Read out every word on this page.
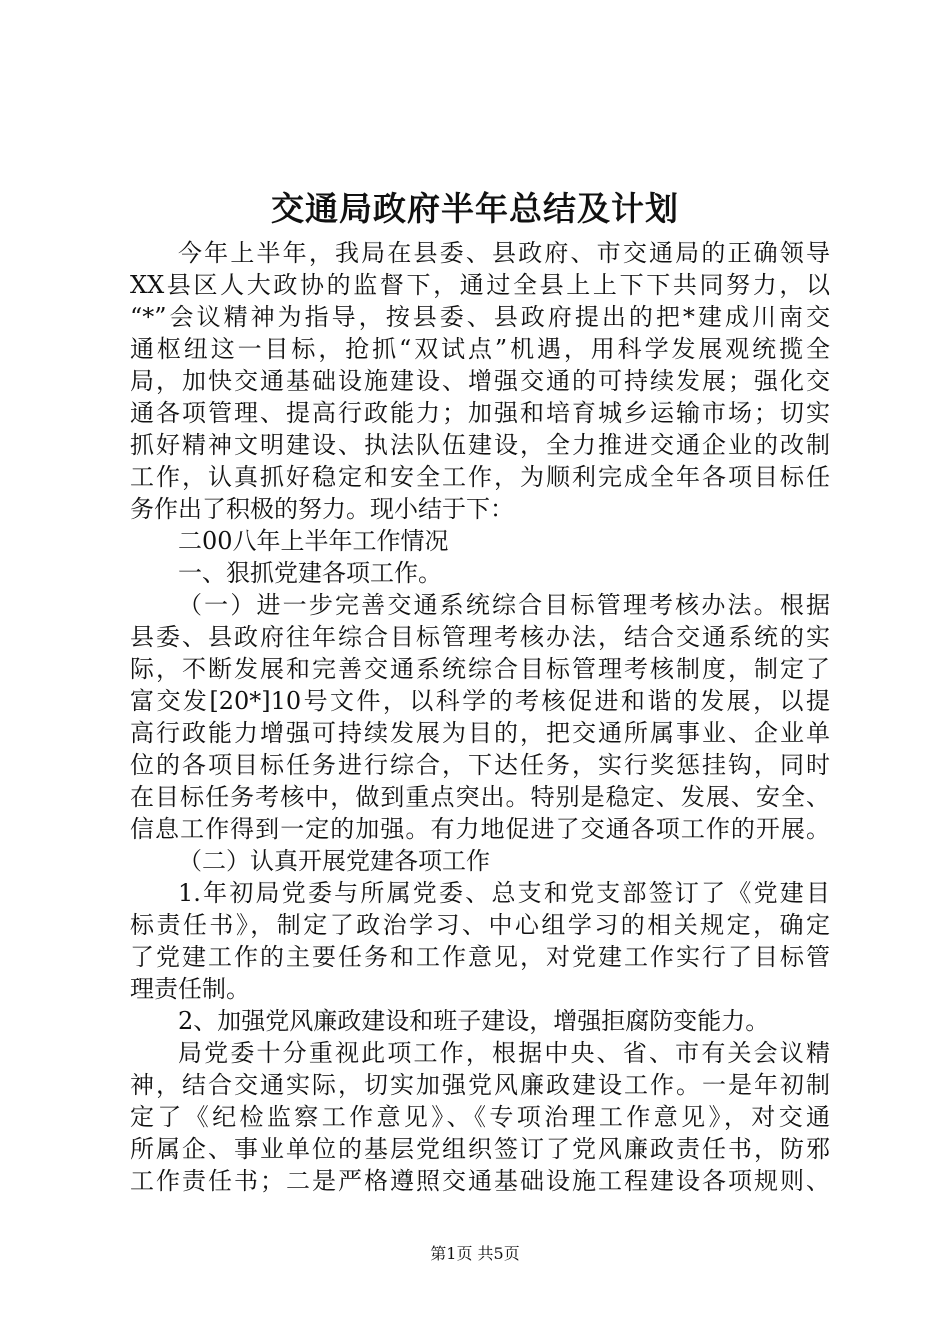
交通局政府半年总结及计划

今年上半年，我局在县委、县政府、市交通局的正确领导

XX县区人大政协的监督下，通过全县上上下下共同努力，以

“*”会议精神为指导，按县委、县政府提出的把*建成川南交

通枢纽这一目标，抢抓“双试点”机遇，用科学发展观统揽全

局，加快交通基础设施建设、增强交通的可持续发展；强化交

通各项管理、提高行政能力；加强和培育城乡运输市场；切实

抓好精神文明建设、执法队伍建设，全力推进交通企业的改制

工作，认真抓好稳定和安全工作，为顺利完成全年各项目标任

务作出了积极的努力。现小结于下：

二00八年上半年工作情况

一、狠抓党建各项工作。

（一）进一步完善交通系统综合目标管理考核办法。根据

县委、县政府往年综合目标管理考核办法，结合交通系统的实

际，不断发展和完善交通系统综合目标管理考核制度，制定了

富交发[20*]10号文件，以科学的考核促进和谐的发展，以提

高行政能力增强可持续发展为目的，把交通所属事业、企业单

位的各项目标任务进行综合，下达任务，实行奖惩挂钩，同时

在目标任务考核中，做到重点突出。特别是稳定、发展、安全、

信息工作得到一定的加强。有力地促进了交通各项工作的开展。

（二）认真开展党建各项工作

1.年初局党委与所属党委、总支和党支部签订了《党建目

标责任书》，制定了政治学习、中心组学习的相关规定，确定

了党建工作的主要任务和工作意见，对党建工作实行了目标管

理责任制。

2、加强党风廉政建设和班子建设，增强拒腐防变能力。

局党委十分重视此项工作，根据中央、省、市有关会议精

神，结合交通实际，切实加强党风廉政建设工作。一是年初制

定了《纪检监察工作意见》、《专项治理工作意见》，对交通

所属企、事业单位的基层党组织签订了党风廉政责任书，防邪

工作责任书；二是严格遵照交通基础设施工程建设各项规则、

第1页 共5页
